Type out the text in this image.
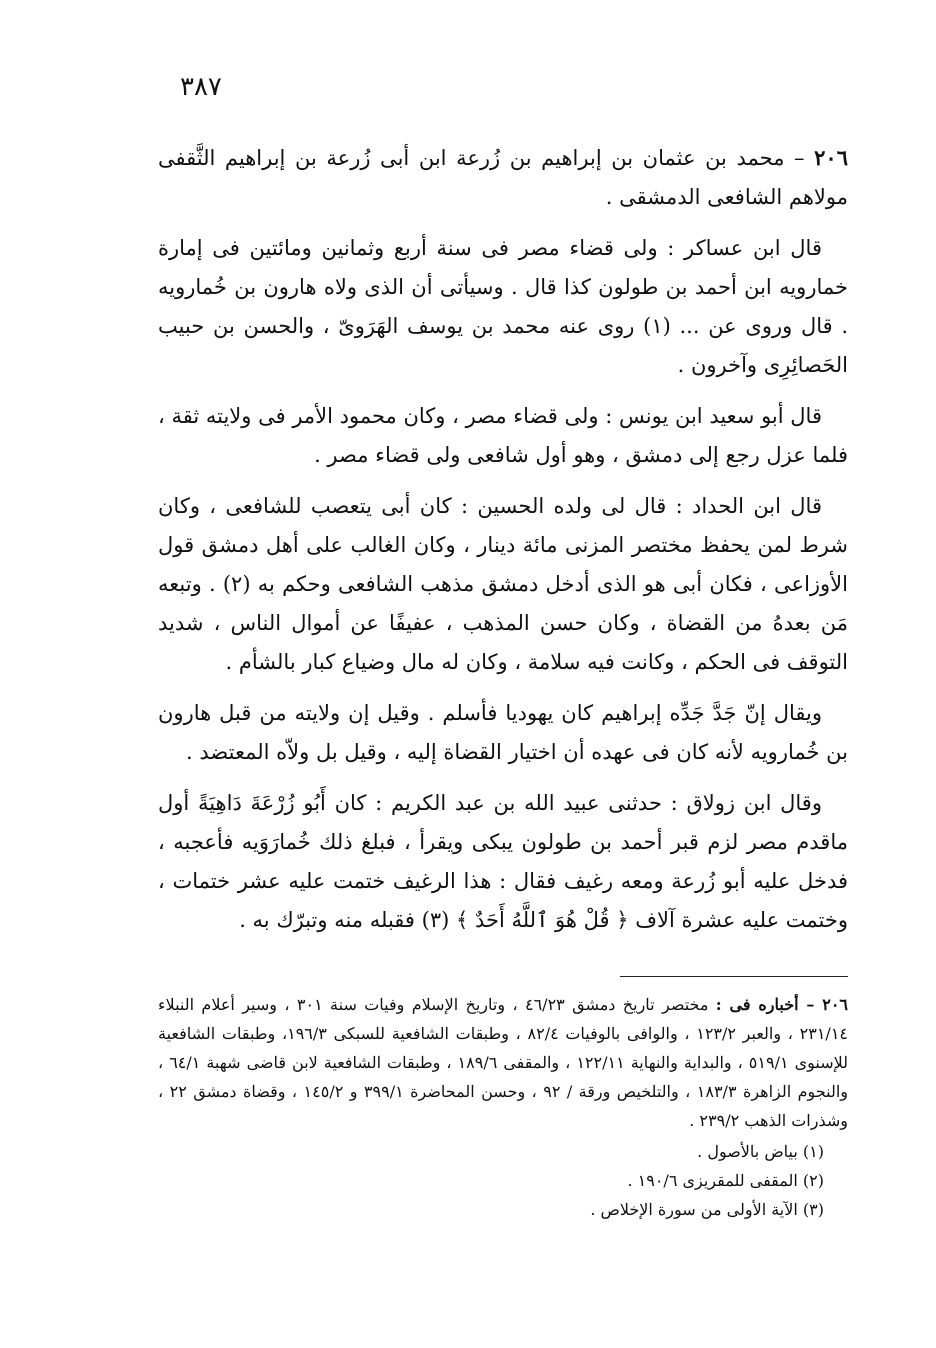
٣٨٧

٢٠٦ – محمد بن عثمان بن إبراهيم بن زُرعة ابن أبى زُرعة بن إبراهيم الثَّقفى مولاهم الشافعى الدمشقى .

قال ابن عساكر : ولى قضاء مصر فى سنة أربع وثمانين ومائتين فى إمارة خمارويه ابن أحمد بن طولون كذا قال . وسيأتى أن الذى ولاه هارون بن خُمارويه . قال وروى عن ... (١) روى عنه محمد بن يوسف الهَرَوىّ ، والحسن بن حبيب الحَصائِرِى وآخرون .

قال أبو سعيد ابن يونس : ولى قضاء مصر ، وكان محمود الأمر فى ولايته ثقة ، فلما عزل رجع إلى دمشق ، وهو أول شافعى ولى قضاء مصر .

قال ابن الحداد : قال لى ولده الحسين : كان أبى يتعصب للشافعى ، وكان شرط لمن يحفظ مختصر المزنى مائة دينار ، وكان الغالب على أهل دمشق قول الأوزاعى ، فكان أبى هو الذى أدخل دمشق مذهب الشافعى وحكم به (٢) . وتبعه مَن بعدهُ من القضاة ، وكان حسن المذهب ، عفيفًا عن أموال الناس ، شديد التوقف فى الحكم ، وكانت فيه سلامة ، وكان له مال وضياع كبار بالشأم .

ويقال إنّ جَدَّ جَدِّه إبراهيم كان يهوديا فأسلم . وقيل إن ولايته من قبل هارون بن خُمارويه لأنه كان فى عهده أن اختيار القضاة إليه ، وقيل بل ولاّه المعتضد .

وقال ابن زولاق : حدثنى عبيد الله بن عبد الكريم : كان أَبُو زُرْعَةَ دَاهِيَةً أول ماقدم مصر لزم قبر أحمد بن طولون يبكى ويقرأ ، فبلغ ذلك خُمارَوَيه فأعجبه ، فدخل عليه أبو زُرعة ومعه رغيف فقال : هذا الرغيف ختمت عليه عشر ختمات ، وختمت عليه عشرة آلاف ﴿ قُلْ هُوَ ٱللَّهُ أَحَدٌ ﴾ (٣) فقبله منه وتبرّك به .

٢٠٦ – أخباره فى : مختصر تاريخ دمشق ٤٦/٢٣ ، وتاريخ الإسلام وفيات سنة ٣٠١ ، وسير أعلام النبلاء ٢٣١/١٤ ، والعبر ١٢٣/٢ ، والوافى بالوفيات ٨٢/٤ ، وطبقات الشافعية للسبكى ١٩٦/٣، وطبقات الشافعية للإسنوى ٥١٩/١ ، والبداية والنهاية ١٢٢/١١ ، والمقفى ١٨٩/٦ ، وطبقات الشافعية لابن قاضى شهبة ٦٤/١ ، والنجوم الزاهرة ١٨٣/٣ ، والتلخيص ورقة / ٩٢ ، وحسن المحاضرة ٣٩٩/١ و ١٤٥/٢ ، وقضاة دمشق ٢٢ ، وشذرات الذهب ٢٣٩/٢ .

(١) بياض بالأصول .

(٢) المقفى للمقريزى ١٩٠/٦ .

(٣) الآية الأولى من سورة الإخلاص .
